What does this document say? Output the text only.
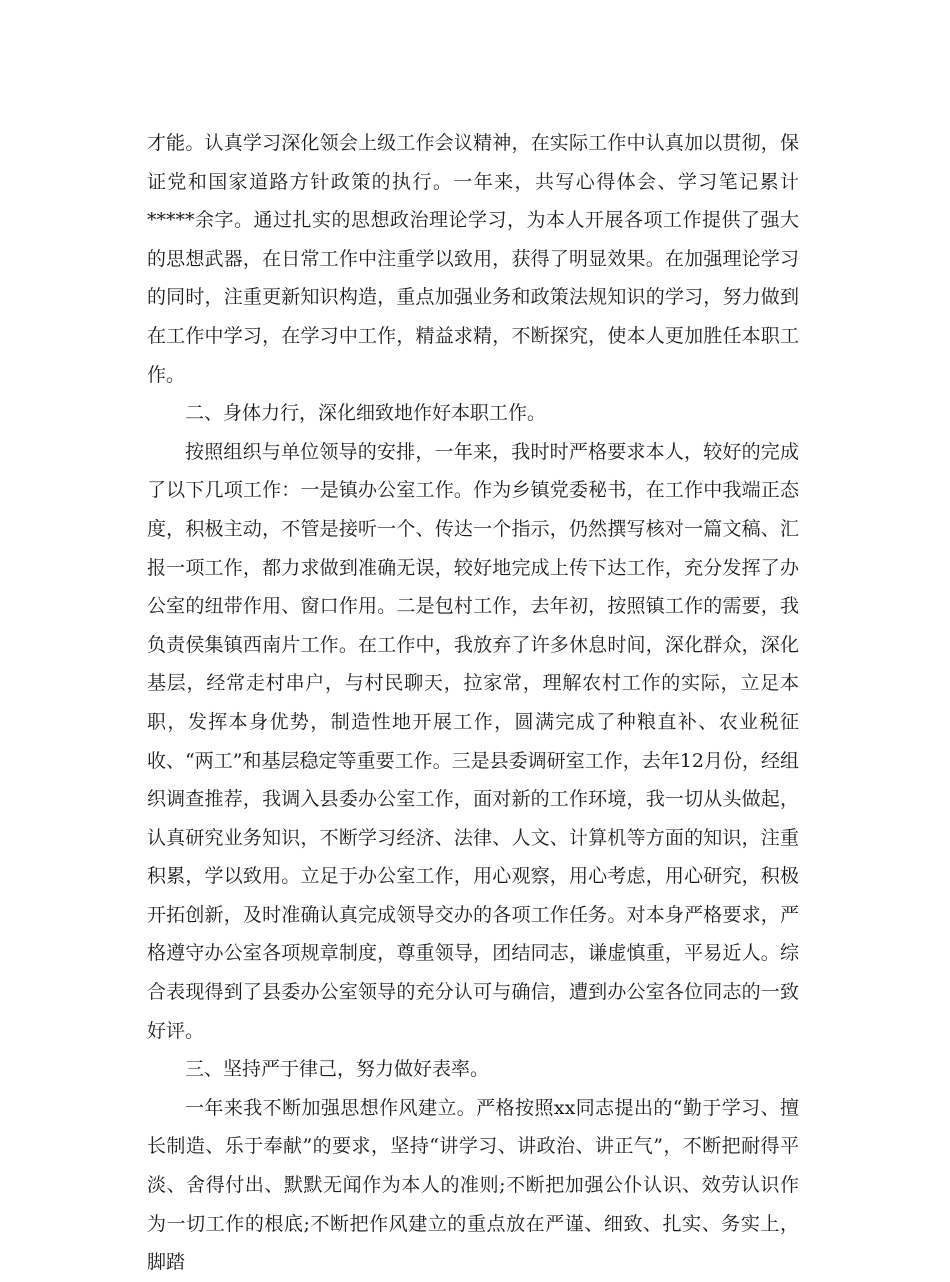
才能。认真学习深化领会上级工作会议精神，在实际工作中认真加以贯彻，保证党和国家道路方针政策的执行。一年来，共写心得体会、学习笔记累计*****余字。通过扎实的思想政治理论学习，为本人开展各项工作提供了强大的思想武器，在日常工作中注重学以致用，获得了明显效果。在加强理论学习的同时，注重更新知识构造，重点加强业务和政策法规知识的学习，努力做到在工作中学习，在学习中工作，精益求精，不断探究，使本人更加胜任本职工作。

二、身体力行，深化细致地作好本职工作。

按照组织与单位领导的安排，一年来，我时时严格要求本人，较好的完成了以下几项工作：一是镇办公室工作。作为乡镇党委秘书，在工作中我端正态度，积极主动，不管是接听一个、传达一个指示，仍然撰写核对一篇文稿、汇报一项工作，都力求做到准确无误，较好地完成上传下达工作，充分发挥了办公室的纽带作用、窗口作用。二是包村工作，去年初，按照镇工作的需要，我负责侯集镇西南片工作。在工作中，我放弃了许多休息时间，深化群众，深化基层，经常走村串户，与村民聊天，拉家常，理解农村工作的实际，立足本职，发挥本身优势，制造性地开展工作，圆满完成了种粮直补、农业税征收、“两工”和基层稳定等重要工作。三是县委调研室工作，去年12月份，经组织调查推荐，我调入县委办公室工作，面对新的工作环境，我一切从头做起，认真研究业务知识，不断学习经济、法律、人文、计算机等方面的知识，注重积累，学以致用。立足于办公室工作，用心观察，用心考虑，用心研究，积极开拓创新，及时准确认真完成领导交办的各项工作任务。对本身严格要求，严格遵守办公室各项规章制度，尊重领导，团结同志，谦虚慎重，平易近人。综合表现得到了县委办公室领导的充分认可与确信，遭到办公室各位同志的一致好评。

三、坚持严于律己，努力做好表率。

一年来我不断加强思想作风建立。严格按照xx同志提出的“勤于学习、擅长制造、乐于奉献”的要求，坚持“讲学习、讲政治、讲正气”，不断把耐得平淡、舍得付出、默默无闻作为本人的准则;不断把加强公仆认识、效劳认识作为一切工作的根底;不断把作风建立的重点放在严谨、细致、扎实、务实上，脚踏
